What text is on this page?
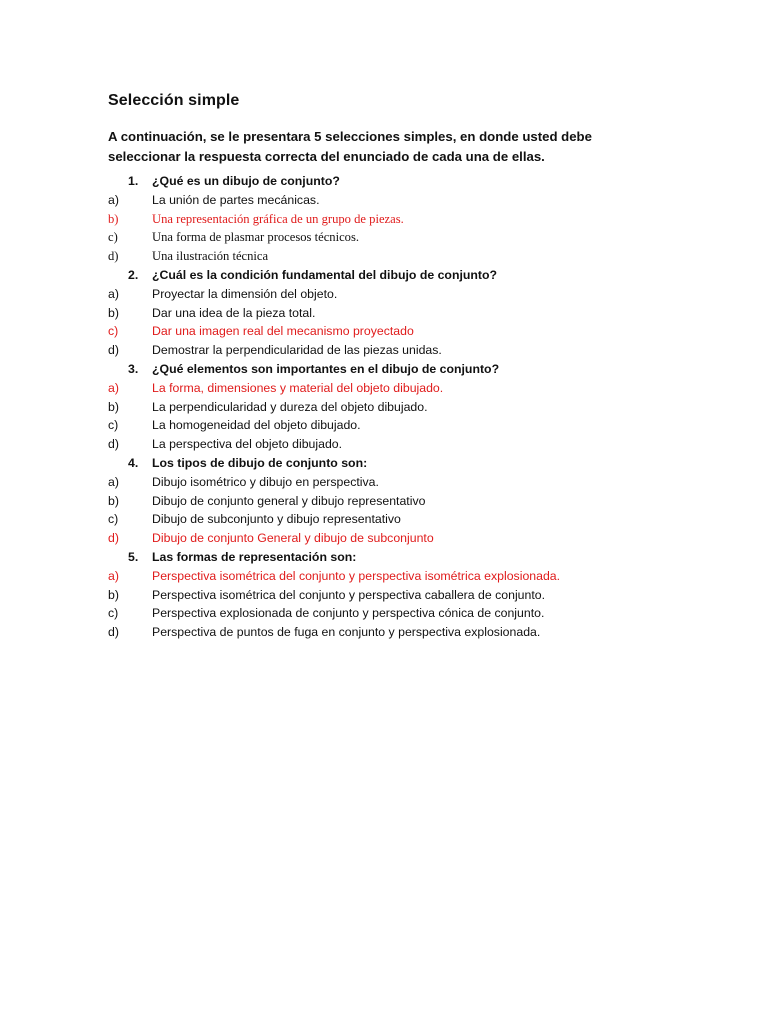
Selección simple

A continuación, se le presentara 5 selecciones simples, en donde usted debe seleccionar la respuesta correcta del enunciado de cada una de ellas.

1.	¿Qué es un dibujo de conjunto?
a)	La unión de partes mecánicas.
b)	Una representación gráfica de un grupo de piezas.
c)	Una forma de plasmar procesos técnicos.
d)	Una ilustración técnica
2.	¿Cuál es la condición fundamental del dibujo de conjunto?
a)	Proyectar la dimensión del objeto.
b)	Dar una idea de la pieza total.
c)	Dar una imagen real del mecanismo proyectado
d)	Demostrar la perpendicularidad de las piezas unidas.
3.	¿Qué elementos son importantes en el dibujo de conjunto?
a)	La forma, dimensiones y material del objeto dibujado.
b)	La perpendicularidad y dureza del objeto dibujado.
c)	La homogeneidad del objeto dibujado.
d)	La perspectiva del objeto dibujado.
4.	Los tipos de dibujo de conjunto son:
a)	Dibujo isométrico y dibujo en perspectiva.
b)	Dibujo de conjunto general y dibujo representativo
c)	Dibujo de subconjunto y dibujo representativo
d)	Dibujo de conjunto General y dibujo de subconjunto
5.	Las formas de representación son:
a)	Perspectiva isométrica del conjunto y perspectiva isométrica explosionada.
b)	Perspectiva isométrica del conjunto y perspectiva caballera de conjunto.
c)	Perspectiva explosionada de conjunto y perspectiva cónica de conjunto.
d)	Perspectiva de puntos de fuga en conjunto y perspectiva explosionada.
